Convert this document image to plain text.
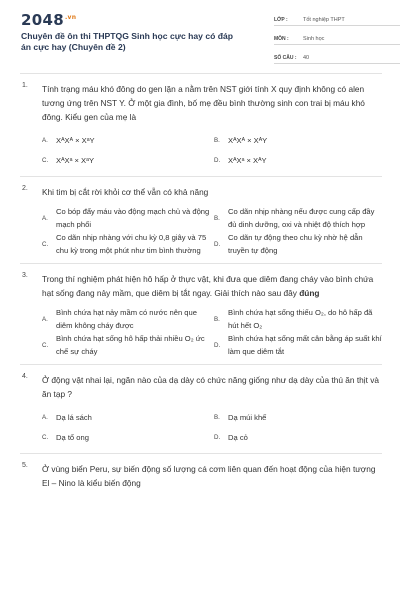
$2048^{.vn}$
Chuyên đề ôn thi THPTQG Sinh học cực hay có đáp án cực hay (Chuyên đề 2)
LỚP :	Tốt nghiệp THPT
MÔN :	Sinh học
SỐ CÂU :	40
1. Tính trạng máu khó đông do gen lặn a nằm trên NST giới tính X quy định không có alen tương ứng trên NST Y. Ở một gia đình, bố mẹ đều bình thường sinh con trai bị máu khó đông. Kiểu gen của mẹ là
A.	XᴬXᴬ × XᵃY	B.	XᴬXᴬ × XᴬY
C.	XᴬXᵃ × XᵃY	D.	XᴬXᵃ × XᴬY
2. Khi tim bị cắt rời khỏi cơ thể vẫn có khả năng
A.
Co bóp đẩy máu vào động mạch chủ và động mạch phổi
B.
Co dãn nhịp nhàng nếu được cung cấp đầy đủ dinh dưỡng, oxi và nhiệt độ thích hợp
C.
Co dãn nhịp nhàng với chu kỳ 0,8 giây và 75 chu kỳ trong một phút như tim bình thường
D.
Co dãn tự động theo chu kỳ nhờ hệ dẫn truyền tự động
3. Trong thí nghiệm phát hiện hô hấp ở thực vật, khi đưa que diêm đang cháy vào bình chứa hạt sống đang nảy mầm, que diêm bị tắt ngay. Giải thích nào sau đây đúng
A.
Bình chứa hạt nảy mầm có nước nên que diêm không cháy được
B.
Bình chứa hạt sống thiếu O₂, do hô hấp đã hút hết O₂
C.
Bình chứa hạt sống hô hấp thải nhiều O₂ ức chế sự cháy
D.
Bình chứa hạt sống mất cân bằng áp suất khí làm que diêm tắt
4. Ở động vật nhai lại, ngăn nào của dạ dày có chức năng giống như dạ dày của thú ăn thịt và ăn tạp ?
A.	Dạ lá sách	B.	Dạ múi khế
C.	Dạ tổ ong	D.	Dạ cỏ
5. Ở vùng biển Peru, sự biến động số lượng cá cơm liên quan đến hoạt động của hiện tượng El – Nino là kiểu biến động
